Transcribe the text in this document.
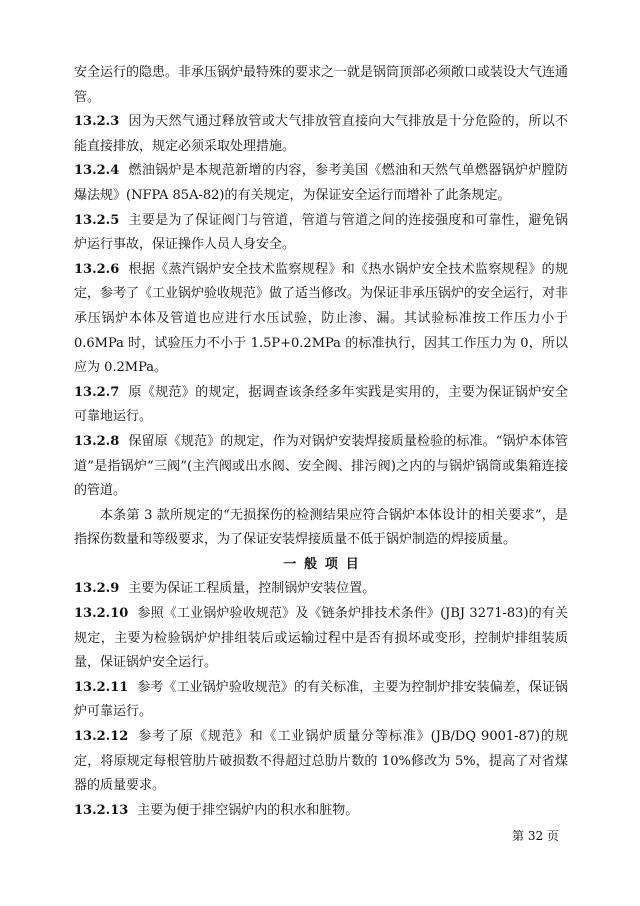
安全运行的隐患。非承压锅炉最特殊的要求之一就是锅筒顶部必须敞口或装设大气连通管。

13.2.3 因为天然气通过释放管或大气排放管直接向大气排放是十分危险的，所以不能直接排放，规定必须采取处理措施。

13.2.4 燃油锅炉是本规范新增的内容，参考美国《燃油和天然气单燃器锅炉炉膛防爆法规》(NFPA 85A-82)的有关规定，为保证安全运行而增补了此条规定。

13.2.5 主要是为了保证阀门与管道，管道与管道之间的连接强度和可靠性，避免锅炉运行事故，保证操作人员人身安全。

13.2.6 根据《蒸汽锅炉安全技术监察规程》和《热水锅炉安全技术监察规程》的规定，参考了《工业锅炉验收规范》做了适当修改。为保证非承压锅炉的安全运行，对非承压锅炉本体及管道也应进行水压试验，防止渗、漏。其试验标准按工作压力小于 0.6MPa 时，试验压力不小于 1.5P+0.2MPa 的标准执行，因其工作压力为 0，所以应为 0.2MPa。

13.2.7 原《规范》的规定，据调查该条经多年实践是实用的，主要为保证锅炉安全可靠地运行。

13.2.8 保留原《规范》的规定，作为对锅炉安装焊接质量检验的标准。“锅炉本体管道”是指锅炉“三阀”(主汽阀或出水阀、安全阀、排污阀)之内的与锅炉锅筒或集箱连接的管道。

本条第 3 款所规定的“无损探伤的检测结果应符合锅炉本体设计的相关要求”，是指探伤数量和等级要求，为了保证安装焊接质量不低于锅炉制造的焊接质量。

一般项目

13.2.9 主要为保证工程质量，控制锅炉安装位置。

13.2.10 参照《工业锅炉验收规范》及《链条炉排技术条件》(JBJ 3271-83)的有关规定，主要为检验锅炉炉排组装后或运输过程中是否有损坏或变形，控制炉排组装质量，保证锅炉安全运行。

13.2.11 参考《工业锅炉验收规范》的有关标准，主要为控制炉排安装偏差，保证锅炉可靠运行。

13.2.12 参考了原《规范》和《工业锅炉质量分等标准》(JB/DQ 9001-87)的规定，将原规定每根管肋片破损数不得超过总肋片数的 10%修改为 5%，提高了对省煤器的质量要求。

13.2.13 主要为便于排空锅炉内的积水和脏物。

第 32 页
